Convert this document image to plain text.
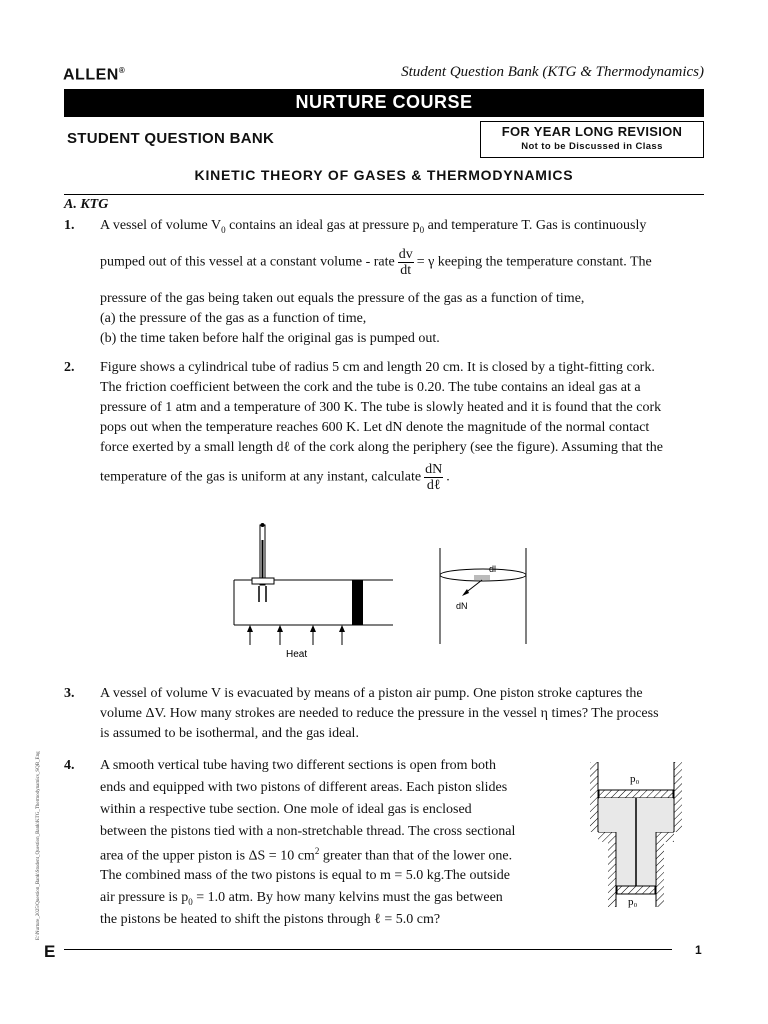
ALLEN®	Student Question Bank (KTG & Thermodynamics)
NURTURE COURSE
STUDENT QUESTION BANK	FOR YEAR LONG REVISION
Not to be Discussed in Class
KINETIC THEORY OF GASES & THERMODYNAMICS
A. KTG
1. A vessel of volume $V_0$ contains an ideal gas at pressure $p_0$ and temperature T. Gas is continuously
pumped out of this vessel at a constant volume - rate $\frac{dv}{dt} = \gamma$ keeping the temperature constant. The
pressure of the gas being taken out equals the pressure of the gas as a function of time,
(a) the pressure of the gas as a function of time,
(b) the time taken before half the original gas is pumped out.
2. Figure shows a cylindrical tube of radius 5 cm and length 20 cm. It is closed by a tight-fitting cork.
The friction coefficient between the cork and the tube is 0.20. The tube contains an ideal gas at a
pressure of 1 atm and a temperature of 300 K. The tube is slowly heated and it is found that the cork
pops out when the temperature reaches 600 K. Let dN denote the magnitude of the normal contact
force exerted by a small length dℓ of the cork along the periphery (see the figure). Assuming that the
temperature of the gas is uniform at any instant, calculate $\frac{dN}{\text{dℓ}}$ .
Heat
dl
dN
3. A vessel of volume V is evacuated by means of a piston air pump. One piston stroke captures the
volume ΔV. How many strokes are needed to reduce the pressure in the vessel η times? The process
is assumed to be isothermal, and the gas ideal.
4. A smooth vertical tube having two different sections is open from both
ends and equipped with two pistons of different areas. Each piston slides
within a respective tube section. One mole of ideal gas is enclosed
between the pistons tied with a non-stretchable thread. The cross sectional
area of the upper piston is ΔS = 10 $cm^2$ greater than that of the lower one.
The combined mass of the two pistons is equal to m = 5.0 kg.The outside
air pressure is $p_0 = 1.0$ atm. By how many kelvins must the gas between
the pistons be heated to shift the pistons through ℓ = 5.0 cm?
p₀
p₀
E:\Nurture_2025\Question_Bank\Student_Question_Bank\KTG_Thermodynamics_SQB_Eng
E	1
